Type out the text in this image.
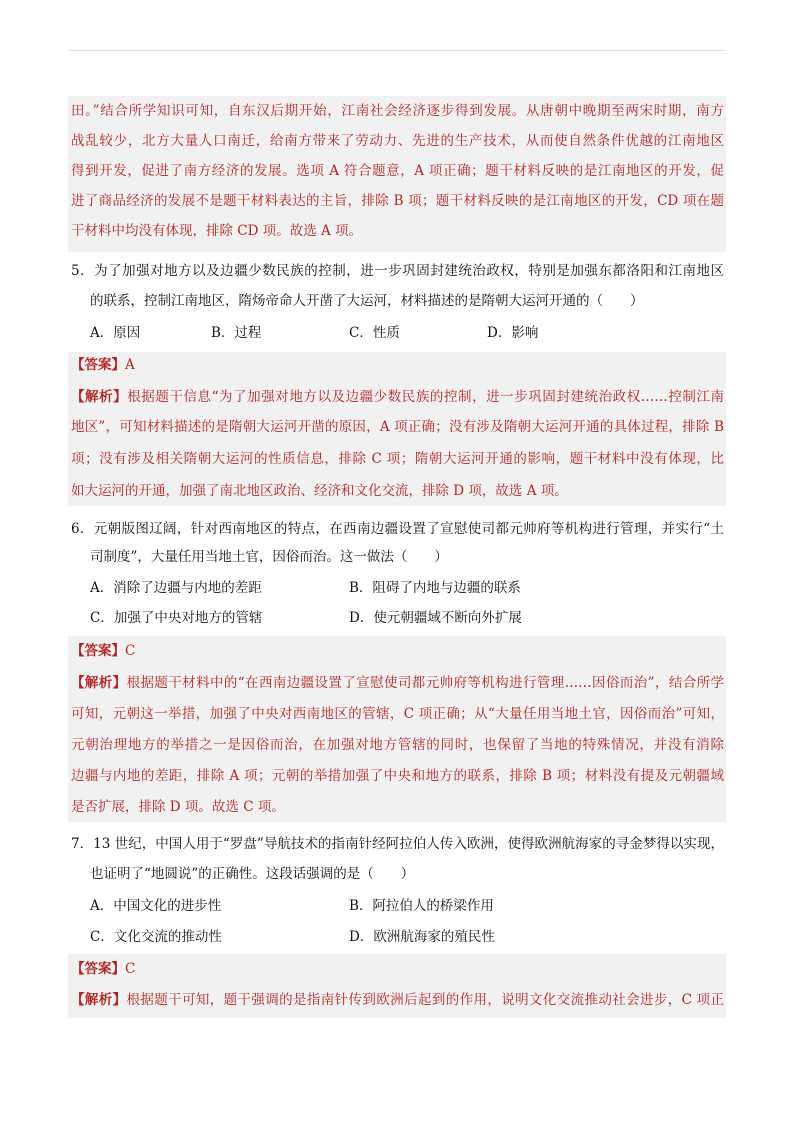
田。”结合所学知识可知，自东汉后期开始，江南社会经济逐步得到发展。从唐朝中晚期至两宋时期，南方
战乱较少，北方大量人口南迁，给南方带来了劳动力、先进的生产技术，从而使自然条件优越的江南地区
得到开发，促进了南方经济的发展。选项 A 符合题意，A 项正确；题干材料反映的是江南地区的开发，促
进了商品经济的发展不是题干材料表达的主旨，排除 B 项；题干材料反映的是江南地区的开发，CD 项在题
干材料中均没有体现，排除 CD 项。故选 A 项。
5．为了加强对地方以及边疆少数民族的控制，进一步巩固封建统治政权，特别是加强东都洛阳和江南地区
的联系，控制江南地区，隋炀帝命人开凿了大运河，材料描述的是隋朝大运河开通的（　　）
A．原因	B．过程	C．性质	D．影响
【答案】A
【解析】根据题干信息“为了加强对地方以及边疆少数民族的控制，进一步巩固封建统治政权……控制江南
地区”，可知材料描述的是隋朝大运河开凿的原因，A 项正确；没有涉及隋朝大运河开通的具体过程，排除 B
项；没有涉及相关隋朝大运河的性质信息，排除 C 项；隋朝大运河开通的影响，题干材料中没有体现，比
如大运河的开通，加强了南北地区政治、经济和文化交流，排除 D 项，故选 A 项。
6．元朝版图辽阔，针对西南地区的特点，在西南边疆设置了宣慰使司都元帅府等机构进行管理，并实行“土
司制度”，大量任用当地土官，因俗而治。这一做法（　　）
A．消除了边疆与内地的差距	B．阻碍了内地与边疆的联系
C．加强了中央对地方的管辖	D．使元朝疆域不断向外扩展
【答案】C
【解析】根据题干材料中的“在西南边疆设置了宣慰使司都元帅府等机构进行管理……因俗而治”，结合所学
可知，元朝这一举措，加强了中央对西南地区的管辖，C 项正确；从“大量任用当地土官，因俗而治”可知，
元朝治理地方的举措之一是因俗而治，在加强对地方管辖的同时，也保留了当地的特殊情况，并没有消除
边疆与内地的差距，排除 A 项；元朝的举措加强了中央和地方的联系，排除 B 项；材料没有提及元朝疆域
是否扩展，排除 D 项。故选 C 项。
7．13 世纪，中国人用于“罗盘”导航技术的指南针经阿拉伯人传入欧洲，使得欧洲航海家的寻金梦得以实现，
也证明了“地圆说”的正确性。这段话强调的是（　　）
A．中国文化的进步性	B．阿拉伯人的桥梁作用
C．文化交流的推动性	D．欧洲航海家的殖民性
【答案】C
【解析】根据题干可知，题干强调的是指南针传到欧洲后起到的作用，说明文化交流推动社会进步，C 项正
